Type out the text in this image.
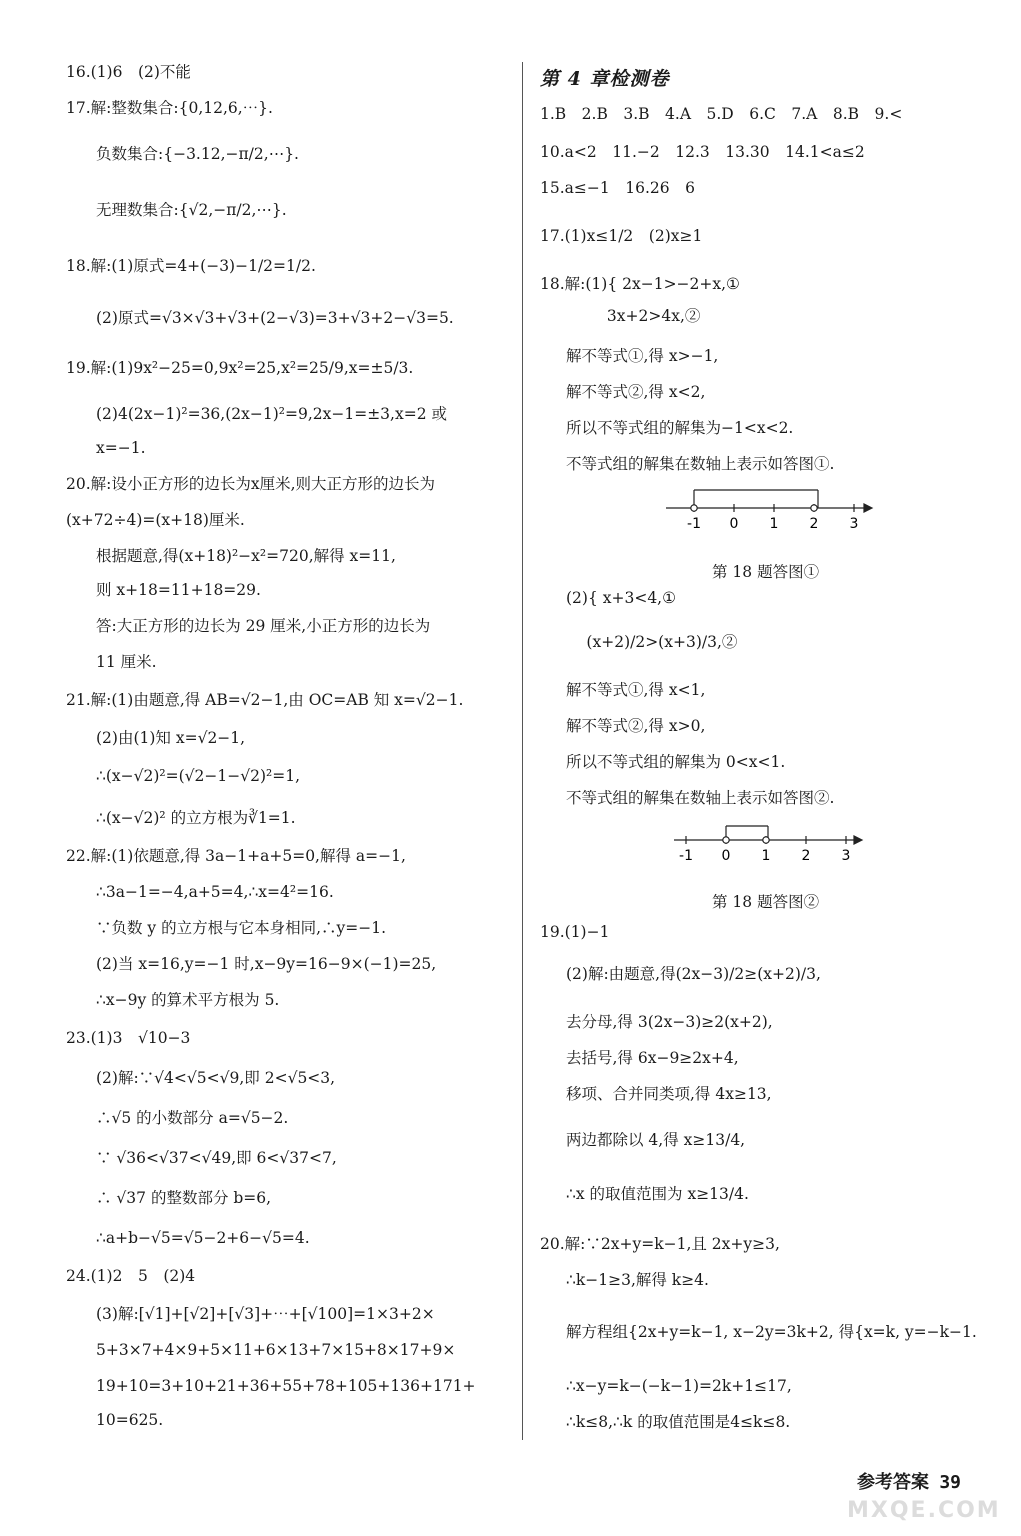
16.(1)6　(2)不能
17.解:整数集合:{0,12,6,⋯}.
负数集合:{−3.12,−π/2,⋯}.
无理数集合:{√2,−π/2,⋯}.
18.解:(1)原式=4+(−3)−1/2=1/2.
(2)原式=√3×√3+√3+(2−√3)=3+√3+2−√3=5.
19.解:(1)9x²−25=0,9x²=25,x²=25/9,x=±5/3.
(2)4(2x−1)²=36,(2x−1)²=9,2x−1=±3,x=2 或
x=−1.
20.解:设小正方形的边长为x厘米,则大正方形的边长为
(x+72÷4)=(x+18)厘米.
根据题意,得(x+18)²−x²=720,解得 x=11,
则 x+18=11+18=29.
答:大正方形的边长为 29 厘米,小正方形的边长为
11 厘米.
21.解:(1)由题意,得 AB=√2−1,由 OC=AB 知 x=√2−1.
(2)由(1)知 x=√2−1,
∴(x−√2)²=(√2−1−√2)²=1,
∴(x−√2)² 的立方根为∛1=1.
22.解:(1)依题意,得 3a−1+a+5=0,解得 a=−1,
∴3a−1=−4,a+5=4,∴x=4²=16.
∵负数 y 的立方根与它本身相同,∴y=−1.
(2)当 x=16,y=−1 时,x−9y=16−9×(−1)=25,
∴x−9y 的算术平方根为 5.
23.(1)3　√10−3
(2)解:∵√4<√5<√9,即 2<√5<3,
∴√5 的小数部分 a=√5−2.
∵ √36<√37<√49,即 6<√37<7,
∴ √37 的整数部分 b=6,
∴a+b−√5=√5−2+6−√5=4.
24.(1)2　5　(2)4
(3)解:[√1]+[√2]+[√3]+⋯+[√100]=1×3+2×
5+3×7+4×9+5×11+6×13+7×15+8×17+9×
19+10=3+10+21+36+55+78+105+136+171+
10=625.
第 4 章检测卷
1.B　2.B　3.B　4.A　5.D　6.C　7.A　8.B　9.<
10.a<2　11.−2　12.3　13.30　14.1<a≤2
15.a≤−1　16.26　6
17.(1)x≤1/2　(2)x≥1
18.解:(1){ 2x−1>−2+x,①
　　　　 3x+2>4x,②
解不等式①,得 x>−1,
解不等式②,得 x<2,
所以不等式组的解集为−1<x<2.
不等式组的解集在数轴上表示如答图①.
-1 0 1 2 3
第 18 题答图①
(2){ x+3<4,①
　 (x+2)/2>(x+3)/3,②
解不等式①,得 x<1,
解不等式②,得 x>0,
所以不等式组的解集为 0<x<1.
不等式组的解集在数轴上表示如答图②.
-1 0 1 2 3
第 18 题答图②
19.(1)−1
(2)解:由题意,得(2x−3)/2≥(x+2)/3,
去分母,得 3(2x−3)≥2(x+2),
去括号,得 6x−9≥2x+4,
移项、合并同类项,得 4x≥13,
两边都除以 4,得 x≥13/4,
∴x 的取值范围为 x≥13/4.
20.解:∵2x+y=k−1,且 2x+y≥3,
∴k−1≥3,解得 k≥4.
解方程组{2x+y=k−1, x−2y=3k+2, 得{x=k, y=−k−1.
∴x−y=k−(−k−1)=2k+1≤17,
∴k≤8,∴k 的取值范围是4≤k≤8.
参考答案 39
MXQE.COM
